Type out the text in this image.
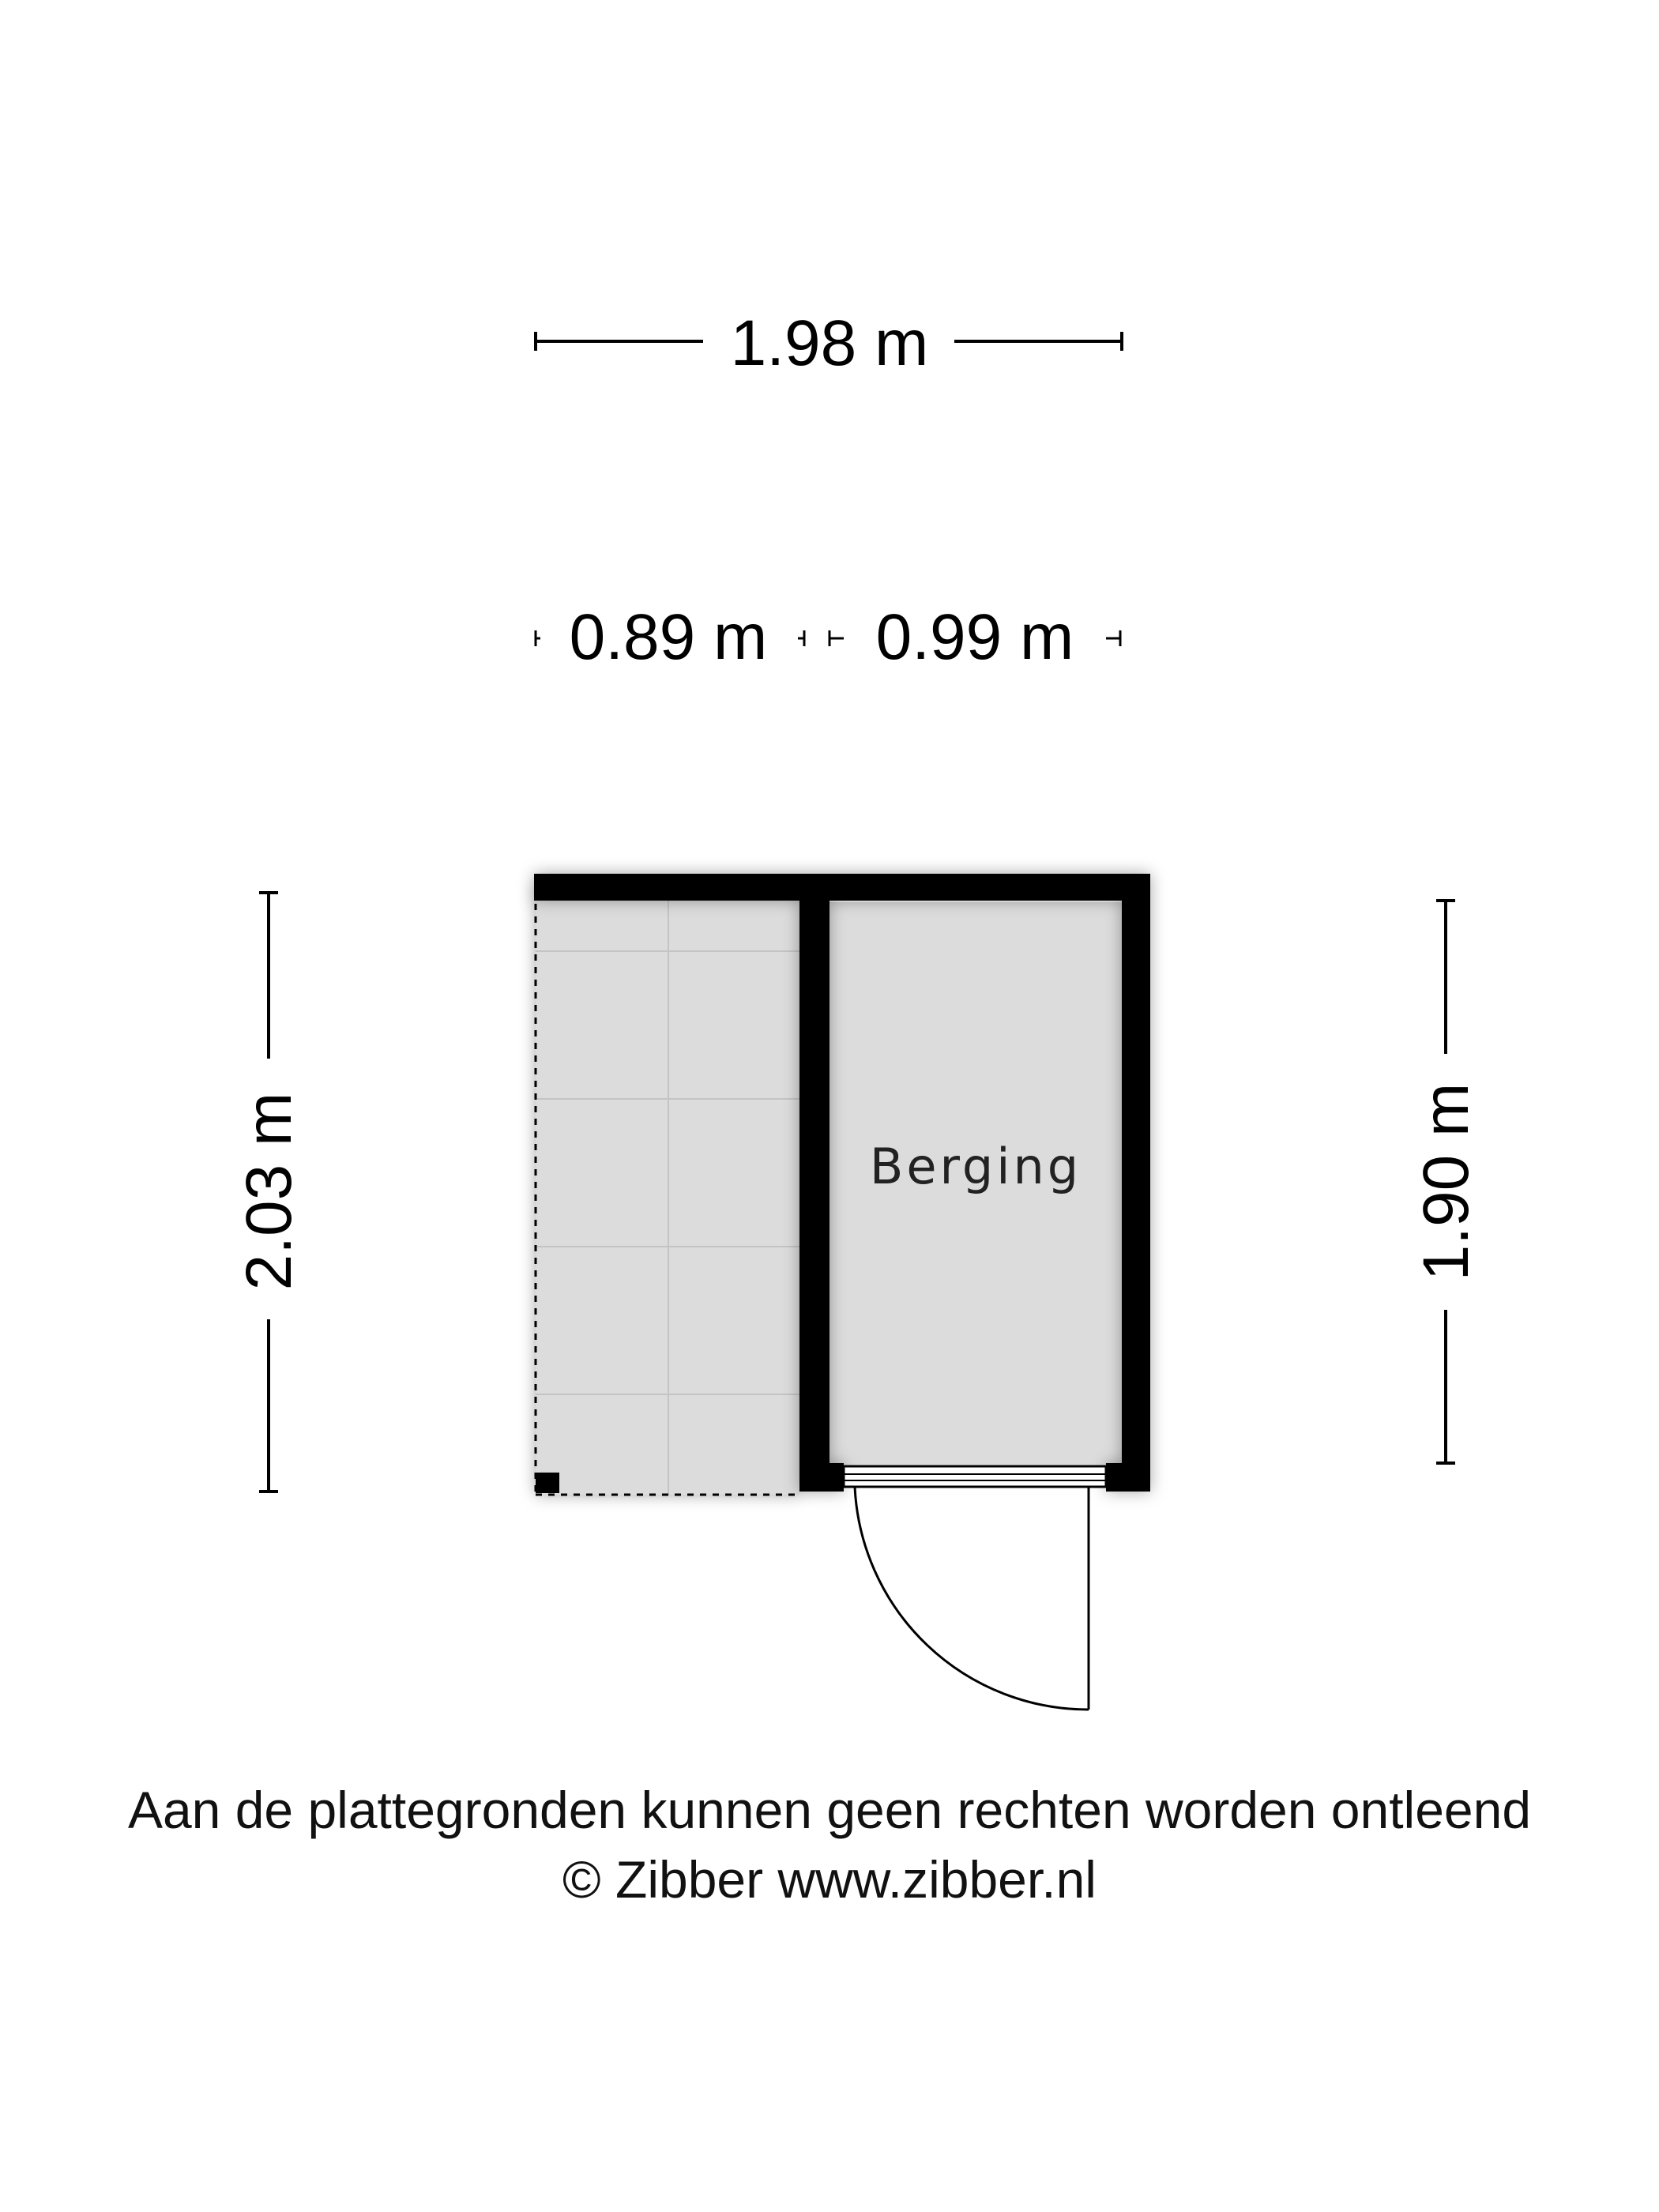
1.98 m
0.89 m 0.99 m
2.03 m	1.90 m
Berging
Aan de plattegronden kunnen geen rechten worden ontleend
© Zibber www.zibber.nl
